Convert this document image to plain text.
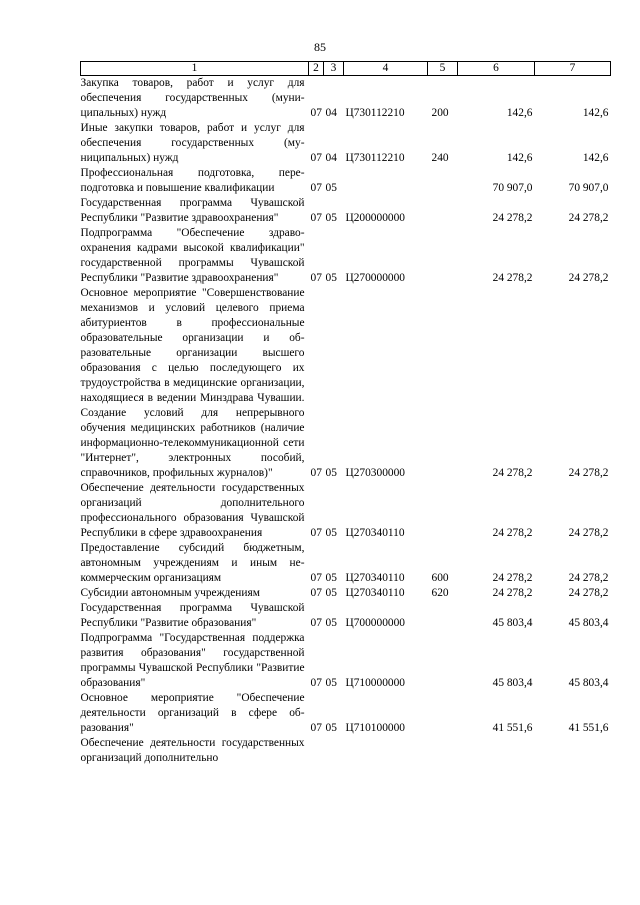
85
1	2	3	4	5	6	7
Закупка товаров, работ и услуг для обеспечения государственных (муниципальных) нужд	07	04	Ц730112210	200	142,6	142,6
Иные закупки товаров, работ и услуг для обеспечения государственных (муниципальных) нужд	07	04	Ц730112210	240	142,6	142,6
Профессиональная подготовка, переподготовка и повышение квалификации	07	05			70 907,0	70 907,0
Государственная программа Чувашской Республики "Развитие здравоохранения"	07	05	Ц200000000		24 278,2	24 278,2
Подпрограмма "Обеспечение здравоохранения кадрами высокой квалификации" государственной программы Чувашской Республики "Развитие здравоохранения"	07	05	Ц270000000		24 278,2	24 278,2
Основное мероприятие "Совершенствование механизмов и условий целевого приема абитуриентов в профессиональные образовательные организации и образовательные организации высшего образования с целью последующего их трудоустройства в медицинские организации, находящиеся в ведении Минздрава Чувашии. Создание условий для непрерывного обучения медицинских работников (наличие информационно-телекоммуникационной сети "Интернет", электронных пособий, справочников, профильных журналов)"	07	05	Ц270300000		24 278,2	24 278,2
Обеспечение деятельности государственных организаций дополнительного профессионального образования Чувашской Республики в сфере здравоохранения	07	05	Ц270340110		24 278,2	24 278,2
Предоставление субсидий бюджетным, автономным учреждениям и иным некоммерческим организациям	07	05	Ц270340110	600	24 278,2	24 278,2
Субсидии автономным учреждениям	07	05	Ц270340110	620	24 278,2	24 278,2
Государственная программа Чувашской Республики "Развитие образования"	07	05	Ц700000000		45 803,4	45 803,4
Подпрограмма "Государственная поддержка развития образования" государственной программы Чувашской Республики "Развитие образования"	07	05	Ц710000000		45 803,4	45 803,4
Основное мероприятие "Обеспечение деятельности организаций в сфере образования"	07	05	Ц710100000		41 551,6	41 551,6
Обеспечение деятельности государственных организаций дополнительно						
